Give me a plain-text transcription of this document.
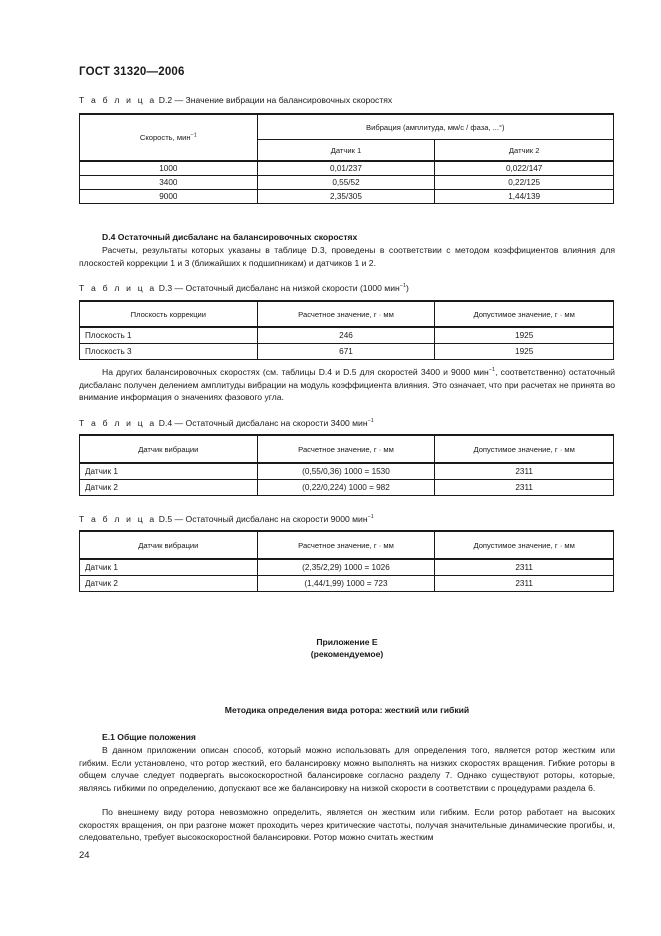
ГОСТ 31320—2006
Т а б л и ц а D.2 — Значение вибрации на балансировочных скоростях
Скорость, мин$^{-1}$	Вибрация (амплитуда, мм/с / фаза, ...°)	
	Датчик 1	Датчик 2
1000	0,01/237	0,022/147
3400	0,55/52	0,22/125
9000	2,35/305	1,44/139
D.4 Остаточный дисбаланс на балансировочных скоростях
Расчеты, результаты которых указаны в таблице D.3, проведены в соответствии с методом коэффициентов влияния для плоскостей коррекции 1 и 3 (ближайших к подшипникам) и датчиков 1 и 2.
Т а б л и ц а D.3 — Остаточный дисбаланс на низкой скорости (1000 мин$^{-1}$)
Плоскость коррекции	Расчетное значение, г · мм	Допустимое значение, г · мм
Плоскость 1	246	1925
Плоскость 3	671	1925
На других балансировочных скоростях (см. таблицы D.4 и D.5 для скоростей 3400 и 9000 мин$^{-1}$, соответственно) остаточный дисбаланс получен делением амплитуды вибрации на модуль коэффициента влияния. Это означает, что при расчетах не принята во внимание информация о значениях фазового угла.
Т а б л и ц а D.4 — Остаточный дисбаланс на скорости 3400 мин$^{-1}$
Датчик вибрации	Расчетное значение, г · мм	Допустимое значение, г · мм
Датчик 1	(0,55/0,36) 1000 = 1530	2311
Датчик 2	(0,22/0,224) 1000 = 982	2311
Т а б л и ц а D.5 — Остаточный дисбаланс на скорости 9000 мин$^{-1}$
Датчик вибрации	Расчетное значение, г · мм	Допустимое значение, г · мм
Датчик 1	(2,35/2,29) 1000 = 1026	2311
Датчик 2	(1,44/1,99) 1000 = 723	2311
Приложение Е
(рекомендуемое)
Методика определения вида ротора: жесткий или гибкий
Е.1 Общие положения
В данном приложении описан способ, который можно использовать для определения того, является ротор жестким или гибким. Если установлено, что ротор жесткий, его балансировку можно выполнять на низких скоростях вращения. Гибкие роторы в общем случае следует подвергать высокоскоростной балансировке согласно разделу 7. Однако существуют роторы, которые, являясь гибкими по определению, допускают все же балансировку на низкой скорости в соответствии с процедурами раздела 6.
По внешнему виду ротора невозможно определить, является он жестким или гибким. Если ротор работает на высоких скоростях вращения, он при разгоне может проходить через критические частоты, получая значительные динамические прогибы, и, следовательно, требует высокоскоростной балансировки. Ротор можно считать жестким
24
